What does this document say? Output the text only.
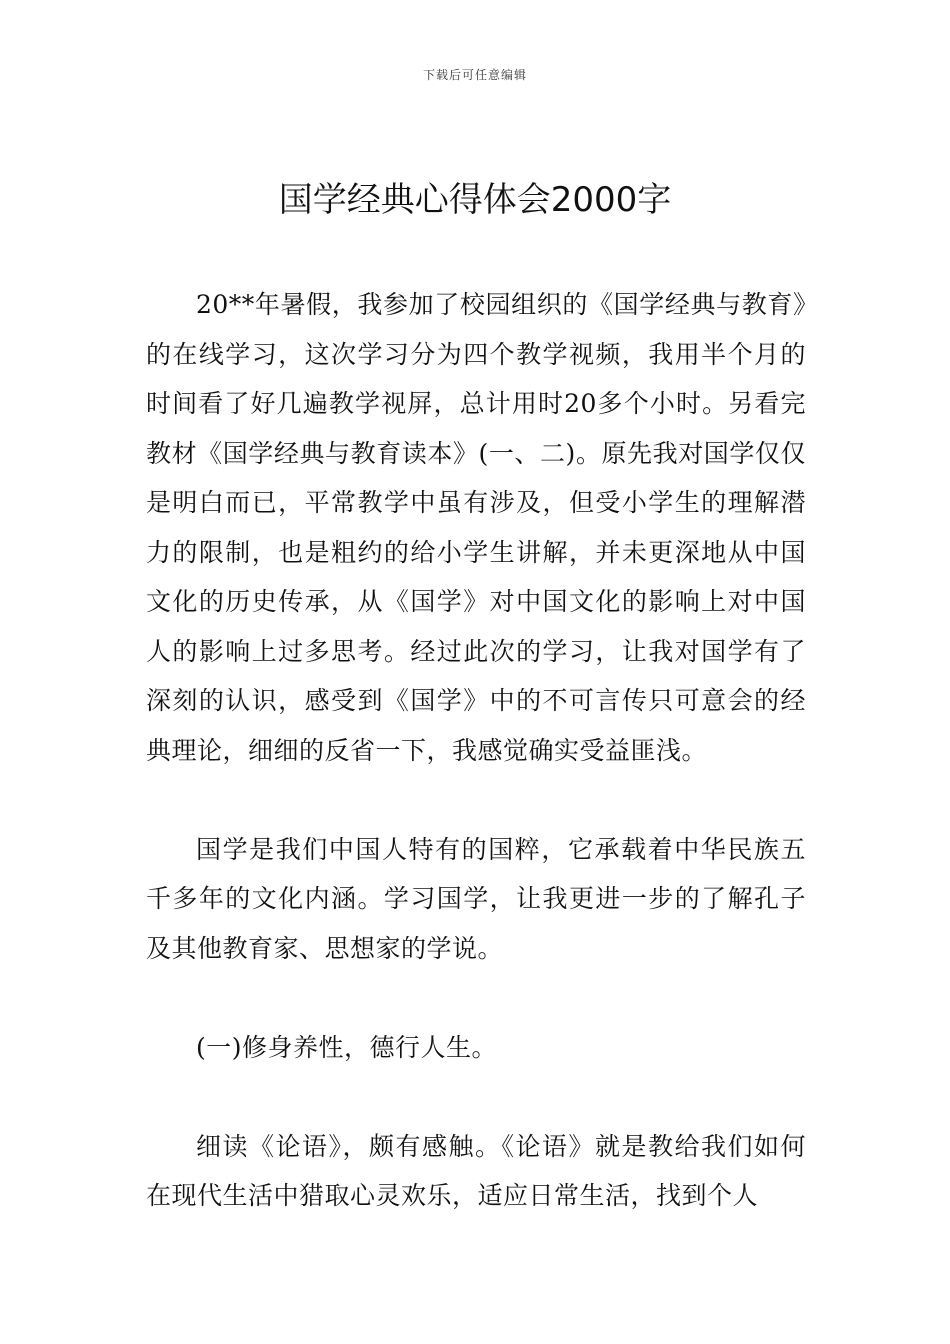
下载后可任意编辑
国学经典心得体会2000字

20**年暑假，我参加了校园组织的《国学经典与教育》的在线学习，这次学习分为四个教学视频，我用半个月的时间看了好几遍教学视屏，总计用时20多个小时。另看完教材《国学经典与教育读本》(一、二)。原先我对国学仅仅是明白而已，平常教学中虽有涉及，但受小学生的理解潜力的限制，也是粗约的给小学生讲解，并未更深地从中国文化的历史传承，从《国学》对中国文化的影响上对中国人的影响上过多思考。经过此次的学习，让我对国学有了深刻的认识，感受到《国学》中的不可言传只可意会的经典理论，细细的反省一下，我感觉确实受益匪浅。

国学是我们中国人特有的国粹，它承载着中华民族五千多年的文化内涵。学习国学，让我更进一步的了解孔子及其他教育家、思想家的学说。

(一)修身养性，德行人生。

细读《论语》，颇有感触。《论语》就是教给我们如何在现代生活中猎取心灵欢乐，适应日常生活，找到个人
